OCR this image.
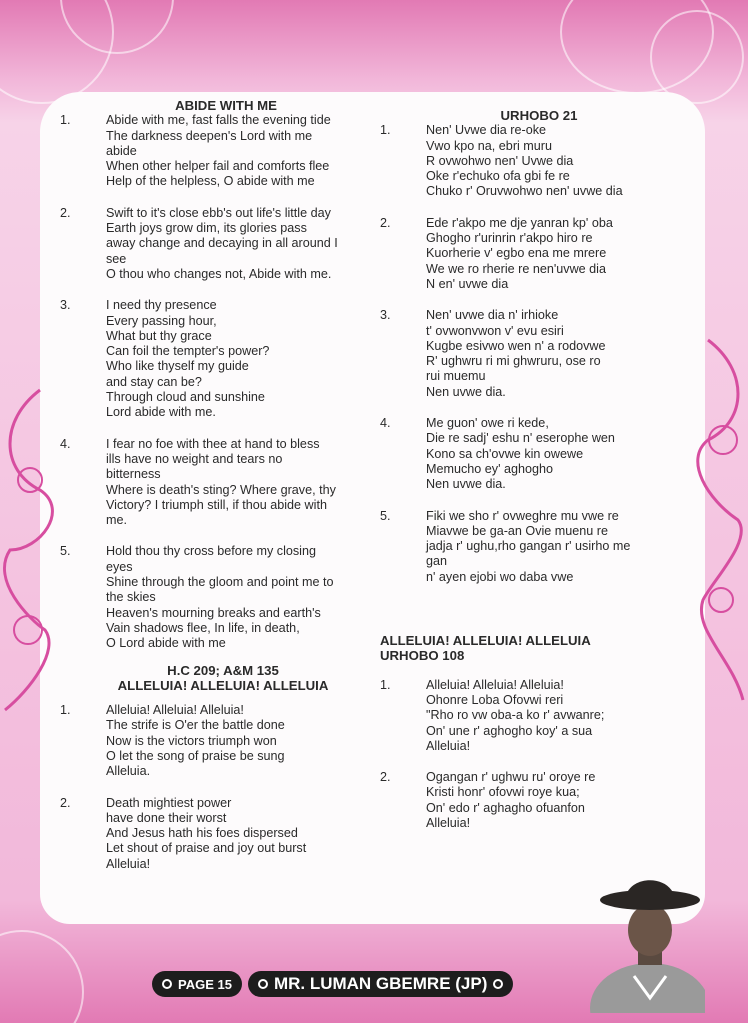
ABIDE WITH ME
1.	Abide with me, fast falls the evening tide
The darkness deepen's Lord with me
abide
When other helper fail and comforts flee
Help of the helpless, O abide with me
2.	Swift to it's close ebb's out life's little day
Earth joys grow dim, its glories pass
away change and decaying in all around I
see
O thou who changes not, Abide with me.
3.	I need thy presence
Every passing hour,
What but thy grace
Can foil the tempter's power?
Who like thyself my guide
and stay can be?
Through cloud and sunshine
Lord abide with me.
4.	I fear no foe with thee at hand to bless
ills have no weight and tears no
bitterness
Where is death's sting? Where grave, thy
Victory? I triumph still, if thou abide with
me.
5.	Hold thou thy cross before my closing
eyes
Shine through the gloom and point me to
the skies
Heaven's mourning breaks and earth's
Vain shadows flee, In life, in death,
O Lord abide with me
H.C 209; A&M 135
ALLELUIA! ALLELUIA! ALLELUIA
1.	Alleluia! Alleluia! Alleluia!
The strife is O'er the battle done
Now is the victors triumph won
O let the song of praise be sung
Alleluia.
2.	Death mightiest power
have done their worst
And Jesus hath his foes dispersed
Let shout of praise and joy out burst
Alleluia!
URHOBO 21
1.	Nen' Uvwe dia re-oke
Vwo kpo na, ebri muru
R ovwohwo nen' Uvwe dia
Oke r'echuko ofa gbi fe re
Chuko r' Oruvwohwo nen' uvwe dia
2.	Ede r'akpo me dje yanran kp' oba
Ghogho r'urinrin r'akpo hiro re
Kuorherie v' egbo ena me mrere
We we ro rherie re nen'uvwe dia
N en' uvwe dia
3.	Nen' uvwe dia n' irhioke
t' ovwonvwon v' evu esiri
Kugbe esivwo wen n' a rodovwe
R' ughwru ri mi ghwruru, ose ro
rui muemu
Nen uvwe dia.
4.	Me guon' owe ri kede,
Die re sadj' eshu n' eserophe wen
Kono sa ch'ovwe kin owewe
Memucho ey' aghogho
Nen uvwe dia.
5.	Fiki we sho r' ovweghre mu vwe re
Miavwe be ga-an Ovie muenu re
jadja r' ughu,rho gangan r' usirho me
gan
n' ayen ejobi wo daba vwe
ALLELUIA! ALLELUIA! ALLELUIA
URHOBO 108
1.	Alleluia! Alleluia! Alleluia!
Ohonre Loba Ofovwi reri
"Rho ro vw oba-a ko r' avwanre;
On' une r' aghogho koy' a sua
Alleluia!
2.	Ogangan r' ughwu ru' oroye re
Kristi honr' ofovwi roye kua;
On' edo r' aghagho ofuanfon
Alleluia!
PAGE 15 MR. LUMAN GBEMRE (JP)
